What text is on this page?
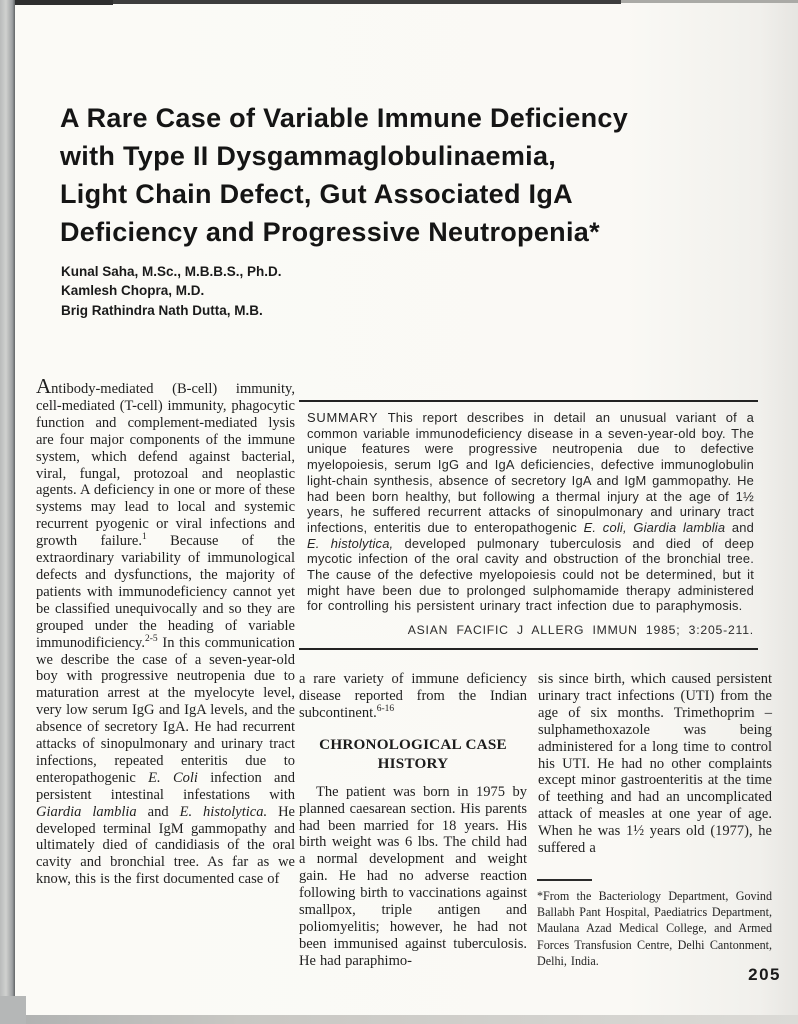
A Rare Case of Variable Immune Deficiency
with Type II Dysgammaglobulinaemia,
Light Chain Defect, Gut Associated IgA
Deficiency and Progressive Neutropenia*
Kunal Saha, M.Sc., M.B.B.S., Ph.D.
Kamlesh Chopra, M.D.
Brig Rathindra Nath Dutta, M.B.
Antibody-mediated (B-cell) immunity, cell-mediated (T-cell) immunity, phagocytic function and complement-mediated lysis are four major components of the immune system, which defend against bacterial, viral, fungal, protozoal and neoplastic agents. A deficiency in one or more of these systems may lead to local and systemic recurrent pyogenic or viral infections and growth failure.$^1$ Because of the extraordinary variability of immunological defects and dysfunctions, the majority of patients with immunodeficiency cannot yet be classified unequivocally and so they are grouped under the heading of variable immunodificiency.$^{2-5}$ In this communication we describe the case of a seven-year-old boy with progressive neutropenia due to maturation arrest at the myelocyte level, very low serum IgG and IgA levels, and the absence of secretory IgA. He had recurrent attacks of sinopulmonary and urinary tract infections, repeated enteritis due to enteropathogenic E. Coli infection and persistent intestinal infestations with Giardia lamblia and E. histolytica. He developed terminal IgM gammopathy and ultimately died of candidiasis of the oral cavity and bronchial tree. As far as we know, this is the first documented case of
SUMMARY This report describes in detail an unusual variant of a common variable immunodeficiency disease in a seven-year-old boy. The unique features were progressive neutropenia due to defective myelopoiesis, serum IgG and IgA deficiencies, defective immunoglobulin light-chain synthesis, absence of secretory IgA and IgM gammopathy. He had been born healthy, but following a thermal injury at the age of 1½ years, he suffered recurrent attacks of sinopulmonary and urinary tract infections, enteritis due to enteropathogenic E. coli, Giardia lamblia and E. histolytica, developed pulmonary tuberculosis and died of deep mycotic infection of the oral cavity and obstruction of the bronchial tree. The cause of the defective myelopoiesis could not be determined, but it might have been due to prolonged sulphomamide therapy administered for controlling his persistent urinary tract infection due to paraphymosis.
ASIAN FACIFIC J ALLERG IMMUN 1985; 3:205-211.
a rare variety of immune deficiency disease reported from the Indian subcontinent.$^{6-16}$
CHRONOLOGICAL CASE HISTORY
The patient was born in 1975 by planned caesarean section. His parents had been married for 18 years. His birth weight was 6 lbs. The child had a normal development and weight gain. He had no adverse reaction following birth to vaccinations against smallpox, triple antigen and poliomyelitis; however, he had not been immunised against tuberculosis. He had paraphimo-
sis since birth, which caused persistent urinary tract infections (UTI) from the age of six months. Trimethoprim – sulphamethoxazole was being administered for a long time to control his UTI. He had no other complaints except minor gastroenteritis at the time of teething and had an uncomplicated attack of measles at one year of age. When he was 1½ years old (1977), he suffered a
*From the Bacteriology Department, Govind Ballabh Pant Hospital, Paediatrics Department, Maulana Azad Medical College, and Armed Forces Transfusion Centre, Delhi Cantonment, Delhi, India.
205
